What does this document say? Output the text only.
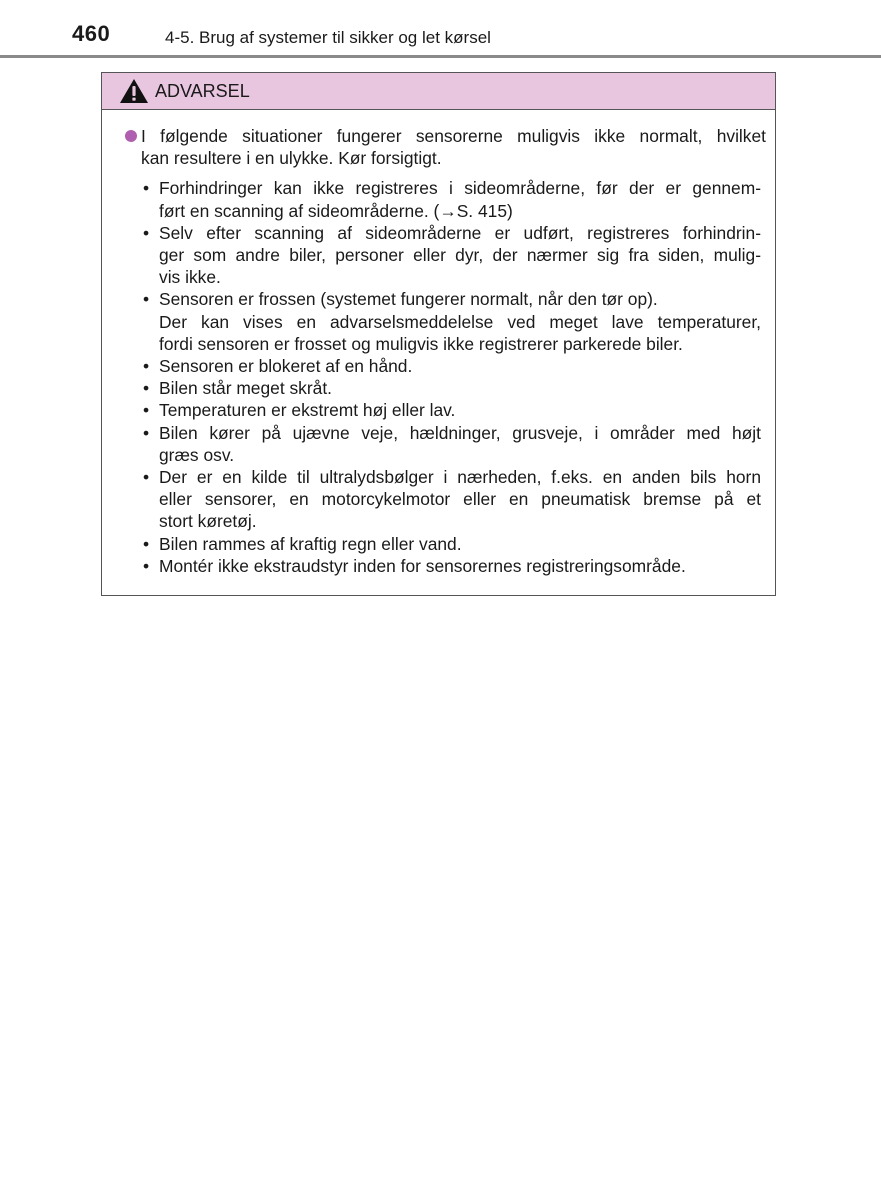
460	4-5. Brug af systemer til sikker og let kørsel
ADVARSEL
I følgende situationer fungerer sensorerne muligvis ikke normalt, hvilket
kan resultere i en ulykke. Kør forsigtigt.
• Forhindringer kan ikke registreres i sideområderne, før der er gennem-
ført en scanning af sideområderne. (→S. 415)
• Selv efter scanning af sideområderne er udført, registreres forhindrin-
ger som andre biler, personer eller dyr, der nærmer sig fra siden, mulig-
vis ikke.
• Sensoren er frossen (systemet fungerer normalt, når den tør op).
Der kan vises en advarselsmeddelelse ved meget lave temperaturer,
fordi sensoren er frosset og muligvis ikke registrerer parkerede biler.
• Sensoren er blokeret af en hånd.
• Bilen står meget skråt.
• Temperaturen er ekstremt høj eller lav.
• Bilen kører på ujævne veje, hældninger, grusveje, i områder med højt
græs osv.
• Der er en kilde til ultralydsbølger i nærheden, f.eks. en anden bils horn
eller sensorer, en motorcykelmotor eller en pneumatisk bremse på et
stort køretøj.
• Bilen rammes af kraftig regn eller vand.
• Montér ikke ekstraudstyr inden for sensorernes registreringsområde.
